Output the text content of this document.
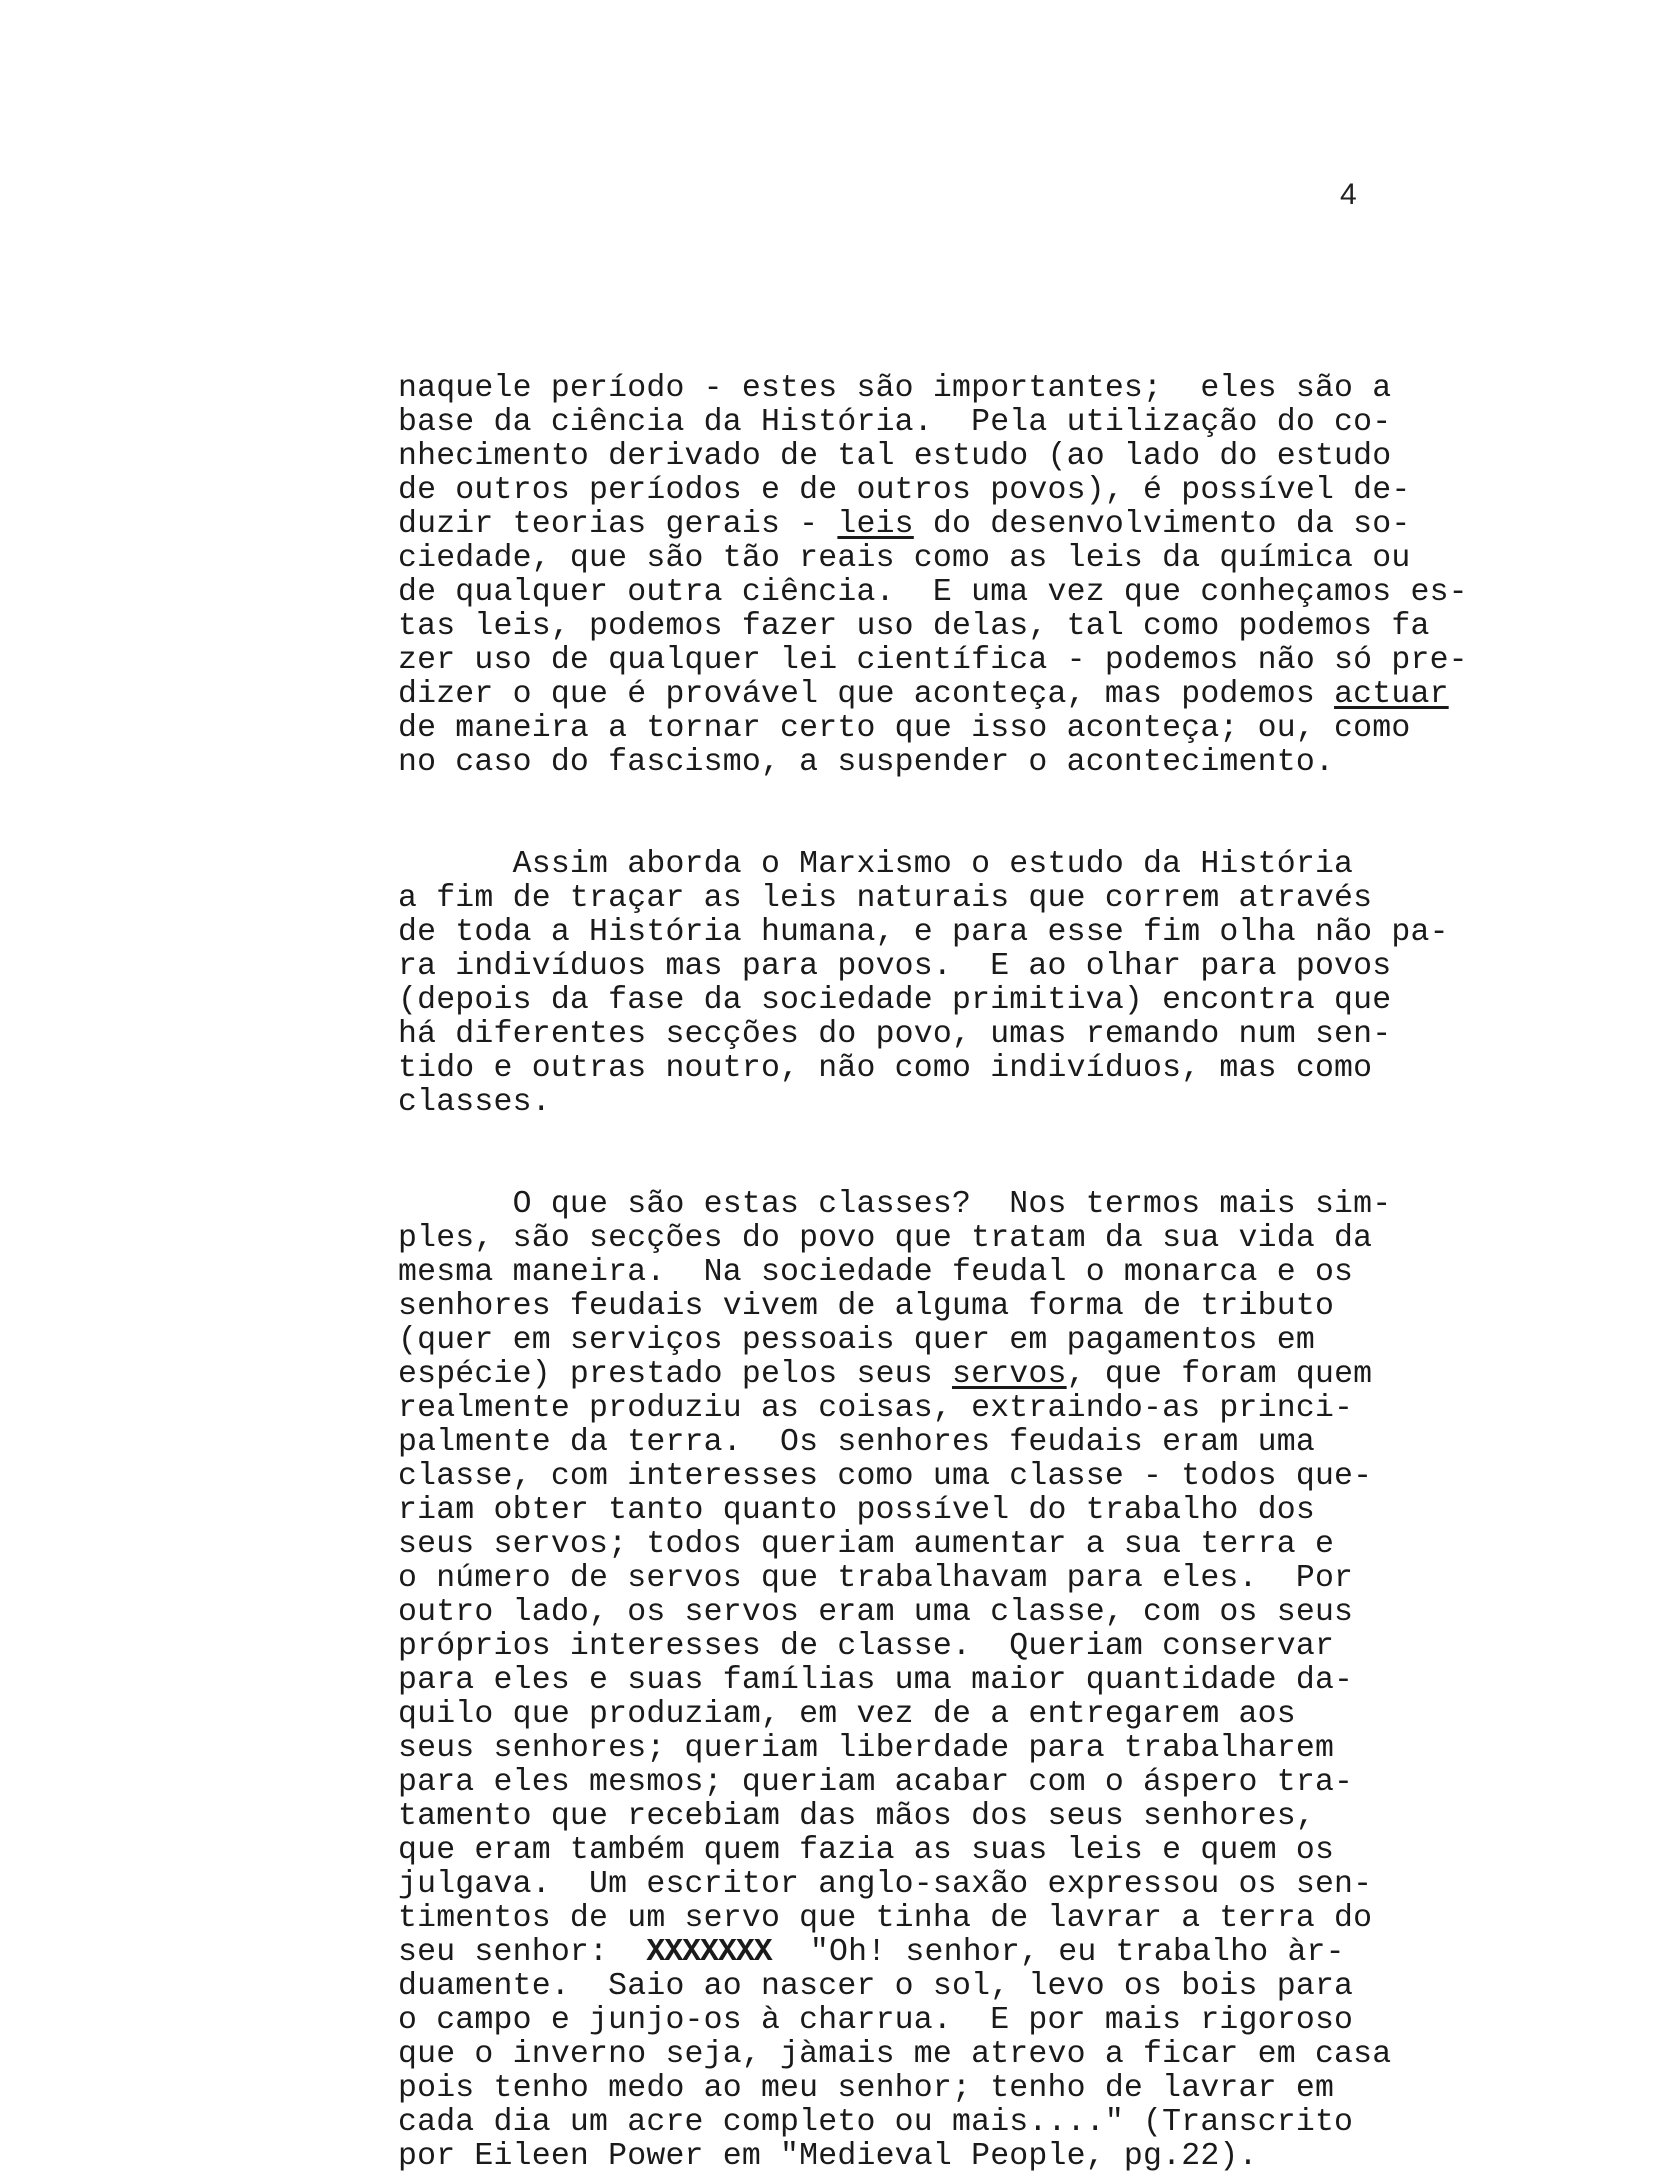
4
naquele período - estes são importantes;  eles são a
base da ciência da História.  Pela utilização do co-
nhecimento derivado de tal estudo (ao lado do estudo
de outros períodos e de outros povos), é possível de-
duzir teorias gerais - leis do desenvolvimento da so-
ciedade, que são tão reais como as leis da química ou
de qualquer outra ciência.  E uma vez que conheçamos es-
tas leis, podemos fazer uso delas, tal como podemos fa
zer uso de qualquer lei científica - podemos não só pre-
dizer o que é provável que aconteça, mas podemos actuar
de maneira a tornar certo que isso aconteça; ou, como
no caso do fascismo, a suspender o acontecimento.
Assim aborda o Marxismo o estudo da História
a fim de traçar as leis naturais que correm através
de toda a História humana, e para esse fim olha não pa-
ra indivíduos mas para povos.  E ao olhar para povos
(depois da fase da sociedade primitiva) encontra que
há diferentes secções do povo, umas remando num sen-
tido e outras noutro, não como indivíduos, mas como
classes.
O que são estas classes?  Nos termos mais sim-
ples, são secções do povo que tratam da sua vida da
mesma maneira.  Na sociedade feudal o monarca e os
senhores feudais vivem de alguma forma de tributo
(quer em serviços pessoais quer em pagamentos em
espécie) prestado pelos seus servos, que foram quem
realmente produziu as coisas, extraindo-as princi-
palmente da terra.  Os senhores feudais eram uma
classe, com interesses como uma classe - todos que-
riam obter tanto quanto possível do trabalho dos
seus servos; todos queriam aumentar a sua terra e
o número de servos que trabalhavam para eles.  Por
outro lado, os servos eram uma classe, com os seus
próprios interesses de classe.  Queriam conservar
para eles e suas famílias uma maior quantidade da-
quilo que produziam, em vez de a entregarem aos
seus senhores; queriam liberdade para trabalharem
para eles mesmos; queriam acabar com o áspero tra-
tamento que recebiam das mãos dos seus senhores,
que eram também quem fazia as suas leis e quem os
julgava.  Um escritor anglo-saxão expressou os sen-
timentos de um servo que tinha de lavrar a terra do
seu senhor:  XXXXXXX  "Oh! senhor, eu trabalho àr-
duamente.  Saio ao nascer o sol, levo os bois para
o campo e junjo-os à charrua.  E por mais rigoroso
que o inverno seja, jàmais me atrevo a ficar em casa
pois tenho medo ao meu senhor; tenho de lavrar em
cada dia um acre completo ou mais...." (Transcrito
por Eileen Power em "Medieval People, pg.22).
